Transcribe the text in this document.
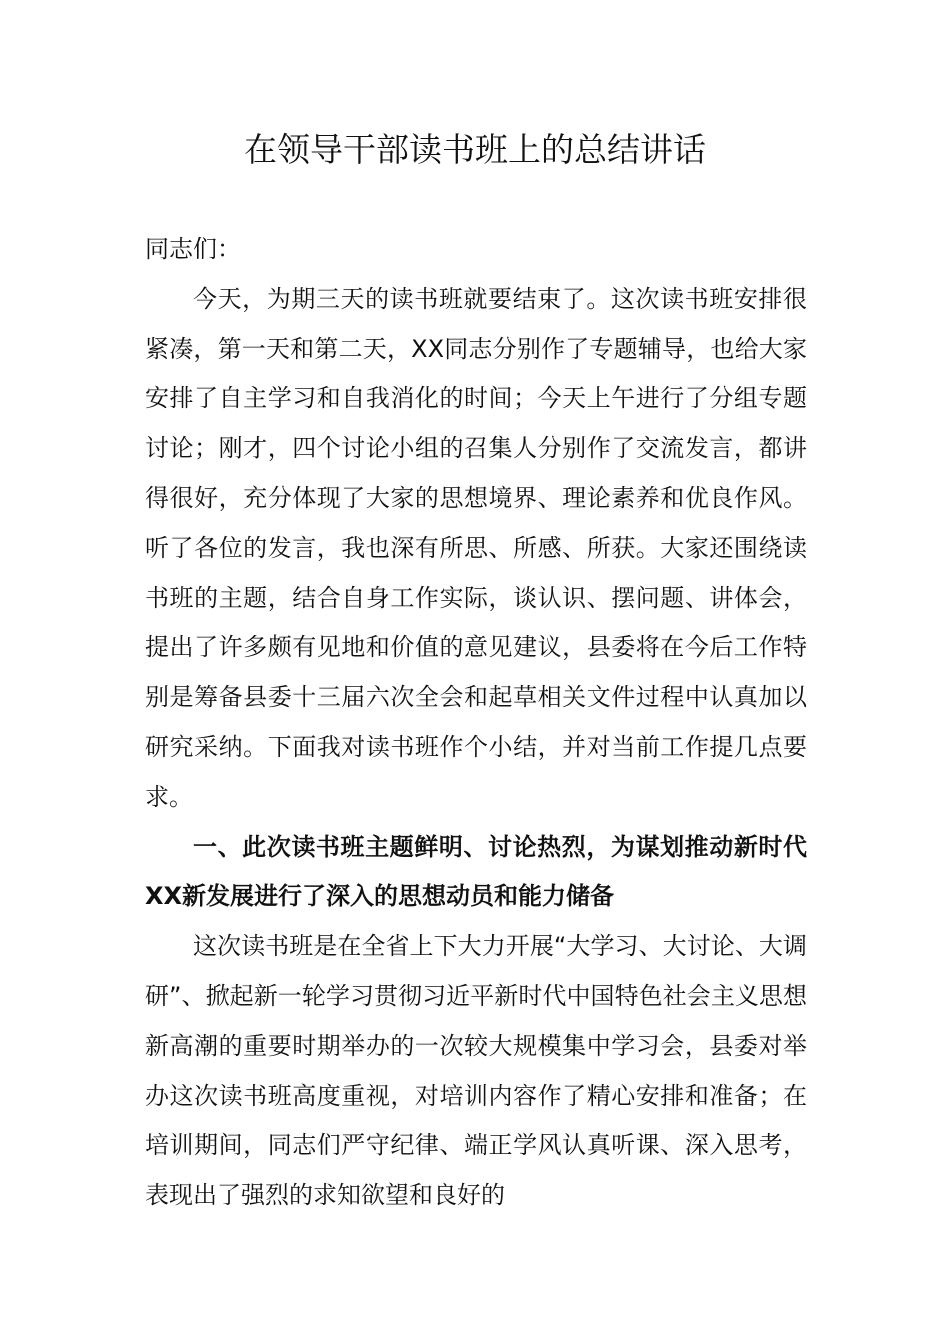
在领导干部读书班上的总结讲话

同志们：

今天，为期三天的读书班就要结束了。这次读书班安排很紧凑，第一天和第二天，XX同志分别作了专题辅导，也给大家安排了自主学习和自我消化的时间；今天上午进行了分组专题讨论；刚才，四个讨论小组的召集人分别作了交流发言，都讲得很好，充分体现了大家的思想境界、理论素养和优良作风。听了各位的发言，我也深有所思、所感、所获。大家还围绕读书班的主题，结合自身工作实际，谈认识、摆问题、讲体会，提出了许多颇有见地和价值的意见建议，县委将在今后工作特别是筹备县委十三届六次全会和起草相关文件过程中认真加以研究采纳。下面我对读书班作个小结，并对当前工作提几点要求。

一、此次读书班主题鲜明、讨论热烈，为谋划推动新时代XX新发展进行了深入的思想动员和能力储备

这次读书班是在全省上下大力开展“大学习、大讨论、大调研”、掀起新一轮学习贯彻习近平新时代中国特色社会主义思想新高潮的重要时期举办的一次较大规模集中学习会，县委对举办这次读书班高度重视，对培训内容作了精心安排和准备；在培训期间，同志们严守纪律、端正学风认真听课、深入思考，表现出了强烈的求知欲望和良好的
